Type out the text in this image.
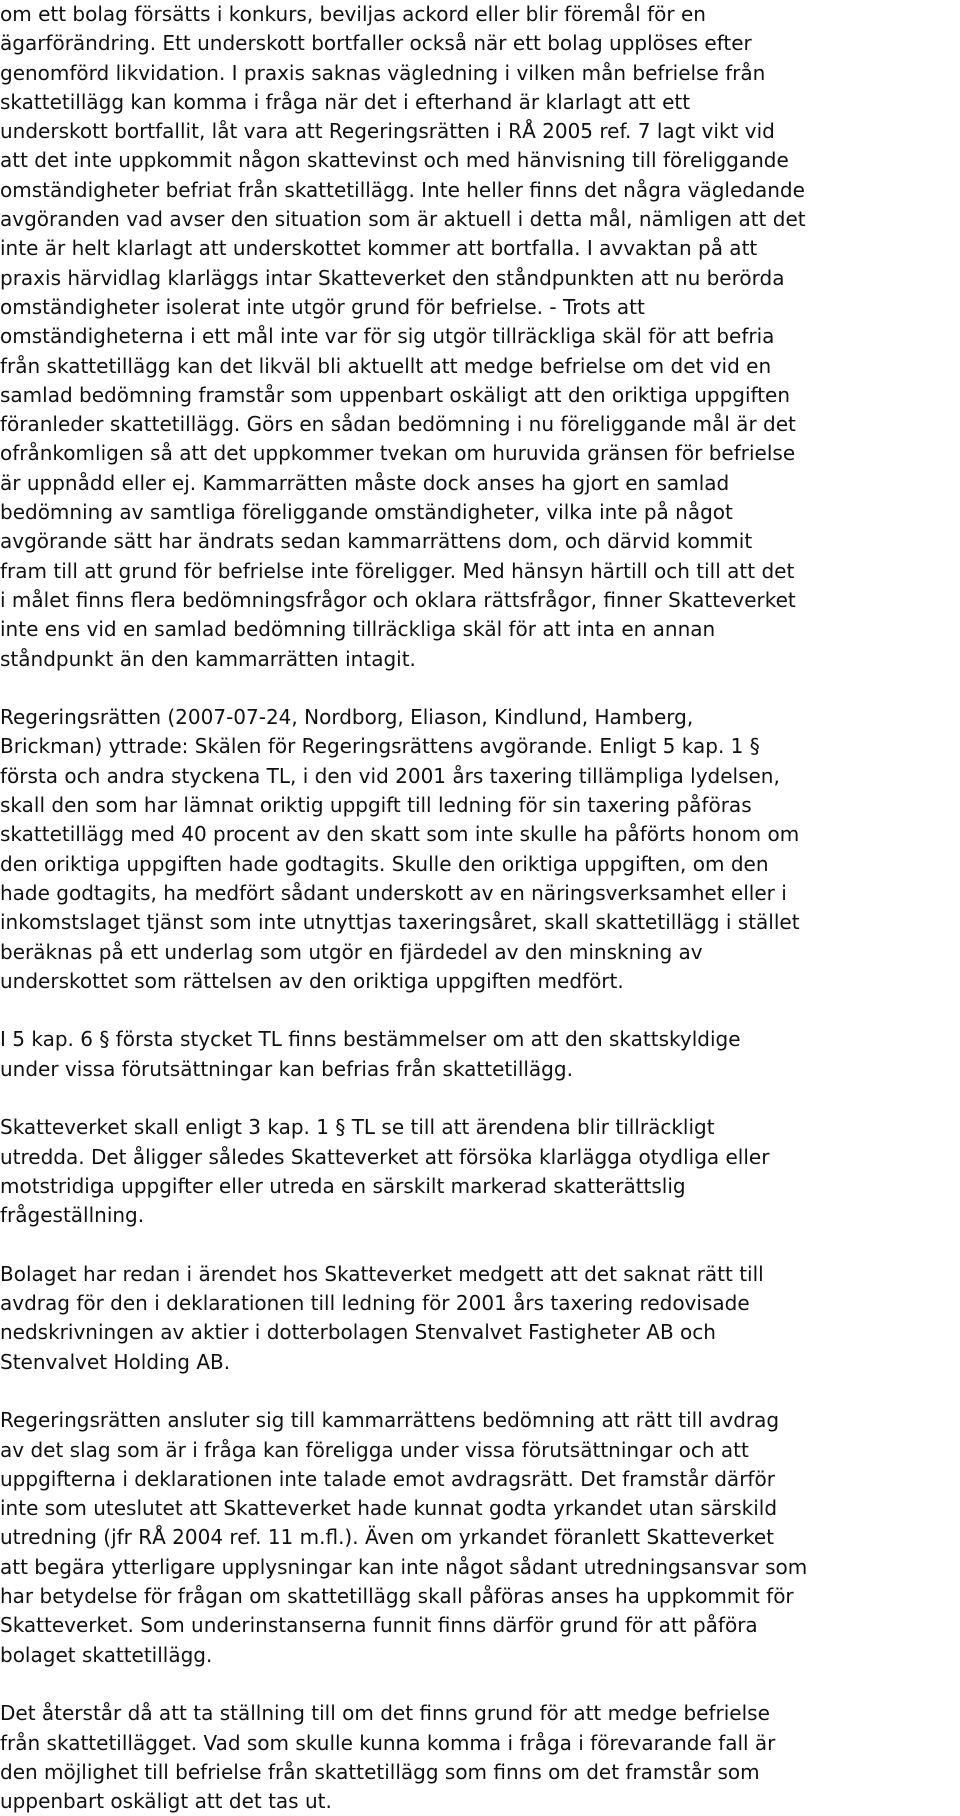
om ett bolag försätts i konkurs, beviljas ackord eller blir föremål för en
ägarförändring. Ett underskott bortfaller också när ett bolag upplöses efter
genomförd likvidation. I praxis saknas vägledning i vilken mån befrielse från
skattetillägg kan komma i fråga när det i efterhand är klarlagt att ett
underskott bortfallit, låt vara att Regeringsrätten i RÅ 2005 ref. 7 lagt vikt vid
att det inte uppkommit någon skattevinst och med hänvisning till föreliggande
omständigheter befriat från skattetillägg. Inte heller finns det några vägledande
avgöranden vad avser den situation som är aktuell i detta mål, nämligen att det
inte är helt klarlagt att underskottet kommer att bortfalla. I avvaktan på att
praxis härvidlag klarläggs intar Skatteverket den ståndpunkten att nu berörda
omständigheter isolerat inte utgör grund för befrielse. - Trots att
omständigheterna i ett mål inte var för sig utgör tillräckliga skäl för att befria
från skattetillägg kan det likväl bli aktuellt att medge befrielse om det vid en
samlad bedömning framstår som uppenbart oskäligt att den oriktiga uppgiften
föranleder skattetillägg. Görs en sådan bedömning i nu föreliggande mål är det
ofrånkomligen så att det uppkommer tvekan om huruvida gränsen för befrielse
är uppnådd eller ej. Kammarrätten måste dock anses ha gjort en samlad
bedömning av samtliga föreliggande omständigheter, vilka inte på något
avgörande sätt har ändrats sedan kammarrättens dom, och därvid kommit
fram till att grund för befrielse inte föreligger. Med hänsyn härtill och till att det
i målet finns flera bedömningsfrågor och oklara rättsfrågor, finner Skatteverket
inte ens vid en samlad bedömning tillräckliga skäl för att inta en annan
ståndpunkt än den kammarrätten intagit.
Regeringsrätten (2007-07-24, Nordborg, Eliason, Kindlund, Hamberg,
Brickman) yttrade: Skälen för Regeringsrättens avgörande. Enligt 5 kap. 1 §
första och andra styckena TL, i den vid 2001 års taxering tillämpliga lydelsen,
skall den som har lämnat oriktig uppgift till ledning för sin taxering påföras
skattetillägg med 40 procent av den skatt som inte skulle ha påförts honom om
den oriktiga uppgiften hade godtagits. Skulle den oriktiga uppgiften, om den
hade godtagits, ha medfört sådant underskott av en näringsverksamhet eller i
inkomstslaget tjänst som inte utnyttjas taxeringsåret, skall skattetillägg i stället
beräknas på ett underlag som utgör en fjärdedel av den minskning av
underskottet som rättelsen av den oriktiga uppgiften medfört.
I 5 kap. 6 § första stycket TL finns bestämmelser om att den skattskyldige
under vissa förutsättningar kan befrias från skattetillägg.
Skatteverket skall enligt 3 kap. 1 § TL se till att ärendena blir tillräckligt
utredda. Det åligger således Skatteverket att försöka klarlägga otydliga eller
motstridiga uppgifter eller utreda en särskilt markerad skatterättslig
frågeställning.
Bolaget har redan i ärendet hos Skatteverket medgett att det saknat rätt till
avdrag för den i deklarationen till ledning för 2001 års taxering redovisade
nedskrivningen av aktier i dotterbolagen Stenvalvet Fastigheter AB och
Stenvalvet Holding AB.
Regeringsrätten ansluter sig till kammarrättens bedömning att rätt till avdrag
av det slag som är i fråga kan föreligga under vissa förutsättningar och att
uppgifterna i deklarationen inte talade emot avdragsrätt. Det framstår därför
inte som uteslutet att Skatteverket hade kunnat godta yrkandet utan särskild
utredning (jfr RÅ 2004 ref. 11 m.fl.). Även om yrkandet föranlett Skatteverket
att begära ytterligare upplysningar kan inte något sådant utredningsansvar som
har betydelse för frågan om skattetillägg skall påföras anses ha uppkommit för
Skatteverket. Som underinstanserna funnit finns därför grund för att påföra
bolaget skattetillägg.
Det återstår då att ta ställning till om det finns grund för att medge befrielse
från skattetillägget. Vad som skulle kunna komma i fråga i förevarande fall är
den möjlighet till befrielse från skattetillägg som finns om det framstår som
uppenbart oskäligt att det tas ut.
